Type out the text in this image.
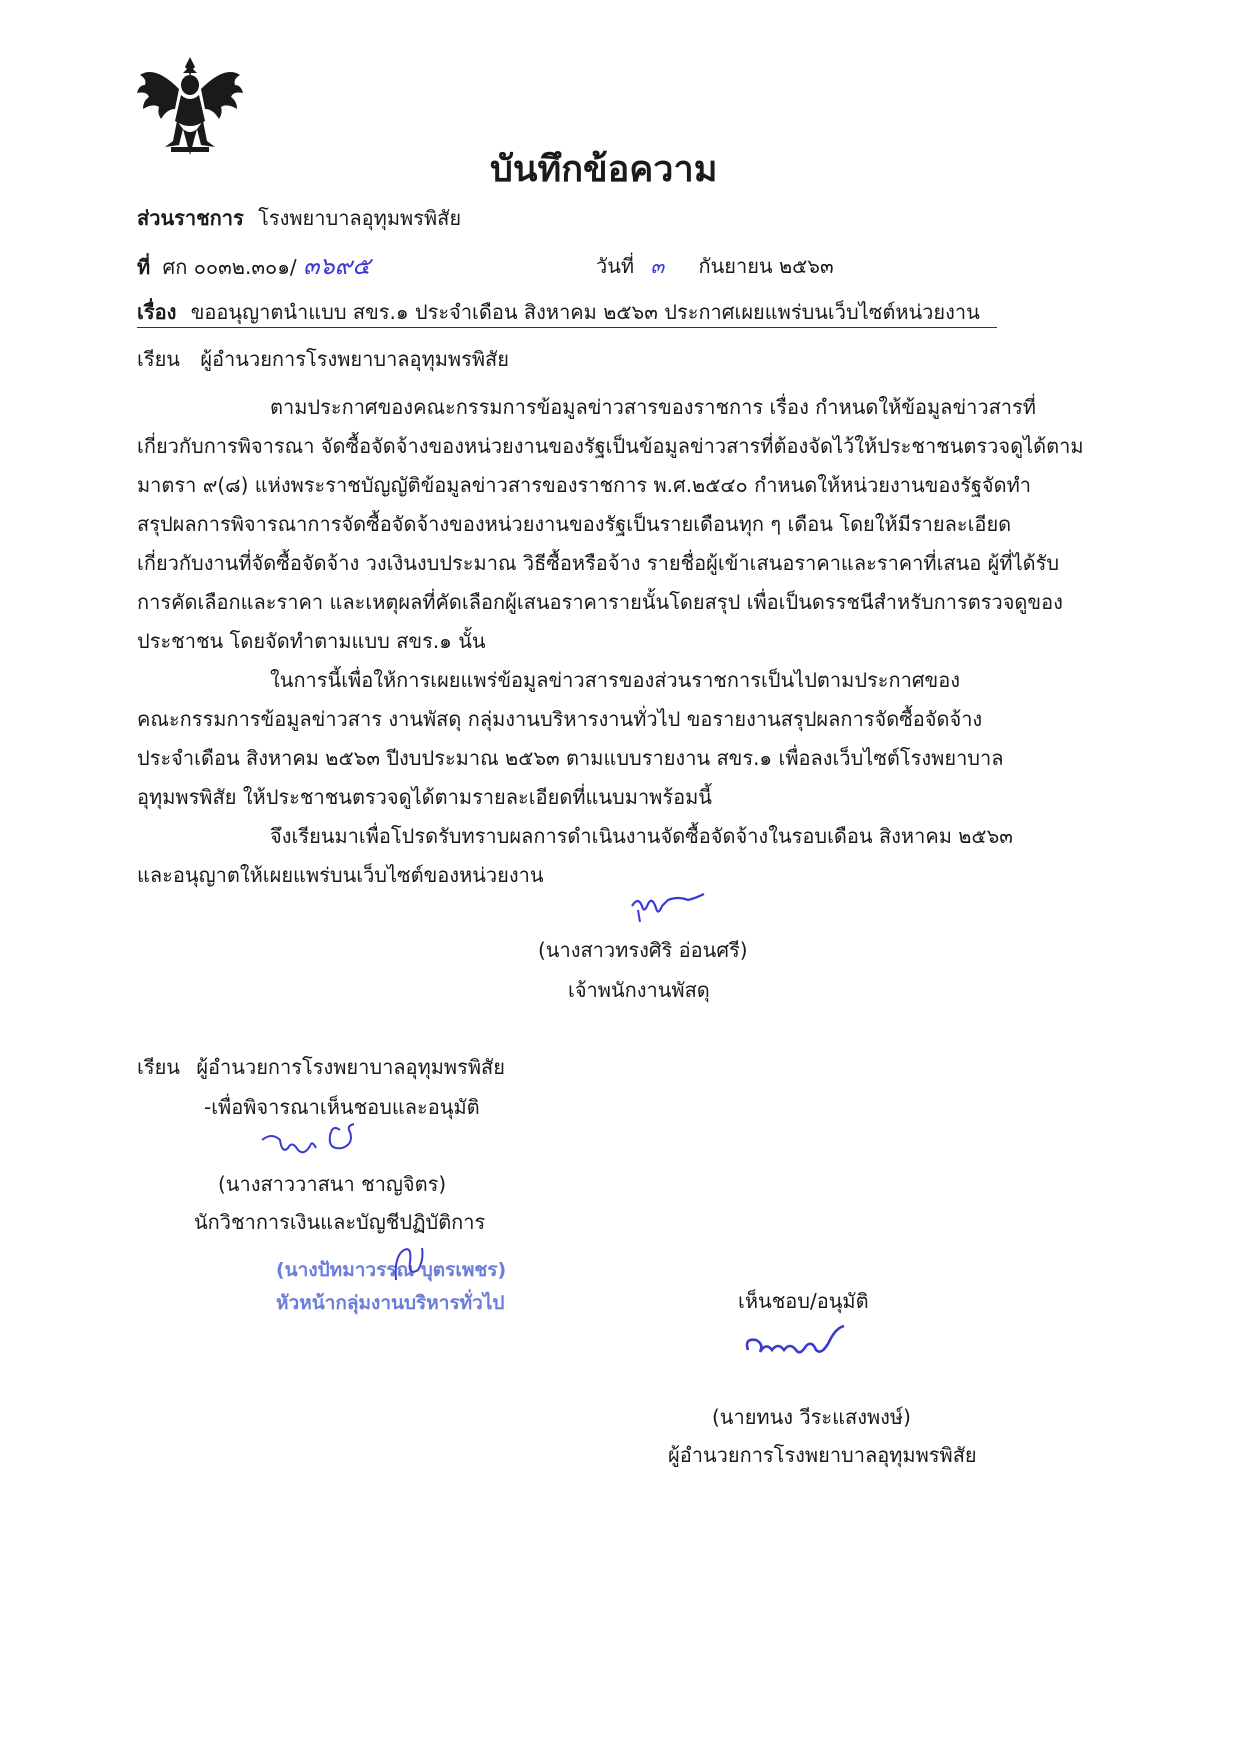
บันทึกข้อความ
ส่วนราชการ โรงพยาบาลอุทุมพรพิสัย
ที่ ศก ๐๐๓๒.๓๐๑/ ๓๖๙๕	วันที่ ๓ กันยายน ๒๕๖๓
เรื่อง ขออนุญาตนำแบบ สขร.๑ ประจำเดือน สิงหาคม ๒๕๖๓ ประกาศเผยแพร่บนเว็บไซต์หน่วยงาน
เรียน ผู้อำนวยการโรงพยาบาลอุทุมพรพิสัย
ตามประกาศของคณะกรรมการข้อมูลข่าวสารของราชการ เรื่อง กำหนดให้ข้อมูลข่าวสารที่
เกี่ยวกับการพิจารณา จัดซื้อจัดจ้างของหน่วยงานของรัฐเป็นข้อมูลข่าวสารที่ต้องจัดไว้ให้ประชาชนตรวจดูได้ตาม
มาตรา ๙(๘) แห่งพระราชบัญญัติข้อมูลข่าวสารของราชการ พ.ศ.๒๕๔๐ กำหนดให้หน่วยงานของรัฐจัดทำ
สรุปผลการพิจารณาการจัดซื้อจัดจ้างของหน่วยงานของรัฐเป็นรายเดือนทุก ๆ เดือน โดยให้มีรายละเอียด
เกี่ยวกับงานที่จัดซื้อจัดจ้าง วงเงินงบประมาณ วิธีซื้อหรือจ้าง รายชื่อผู้เข้าเสนอราคาและราคาที่เสนอ ผู้ที่ได้รับ
การคัดเลือกและราคา และเหตุผลที่คัดเลือกผู้เสนอราคารายนั้นโดยสรุป เพื่อเป็นดรรชนีสำหรับการตรวจดูของ
ประชาชน โดยจัดทำตามแบบ สขร.๑ นั้น
ในการนี้เพื่อให้การเผยแพร่ข้อมูลข่าวสารของส่วนราชการเป็นไปตามประกาศของ
คณะกรรมการข้อมูลข่าวสาร งานพัสดุ กลุ่มงานบริหารงานทั่วไป ขอรายงานสรุปผลการจัดซื้อจัดจ้าง
ประจำเดือน สิงหาคม ๒๕๖๓ ปีงบประมาณ ๒๕๖๓ ตามแบบรายงาน สขร.๑ เพื่อลงเว็บไซต์โรงพยาบาล
อุทุมพรพิสัย ให้ประชาชนตรวจดูได้ตามรายละเอียดที่แนบมาพร้อมนี้
จึงเรียนมาเพื่อโปรดรับทราบผลการดำเนินงานจัดซื้อจัดจ้างในรอบเดือน สิงหาคม ๒๕๖๓
และอนุญาตให้เผยแพร่บนเว็บไซต์ของหน่วยงาน
(นางสาวทรงศิริ อ่อนศรี)
เจ้าพนักงานพัสดุ
เรียน ผู้อำนวยการโรงพยาบาลอุทุมพรพิสัย
-เพื่อพิจารณาเห็นชอบและอนุมัติ
(นางสาววาสนา ชาญจิตร)
นักวิชาการเงินและบัญชีปฏิบัติการ
(นางปัทมาวรรณ บุตรเพชร)
หัวหน้ากลุ่มงานบริหารทั่วไป	เห็นชอบ/อนุมัติ
(นายทนง วีระแสงพงษ์)
ผู้อำนวยการโรงพยาบาลอุทุมพรพิสัย
